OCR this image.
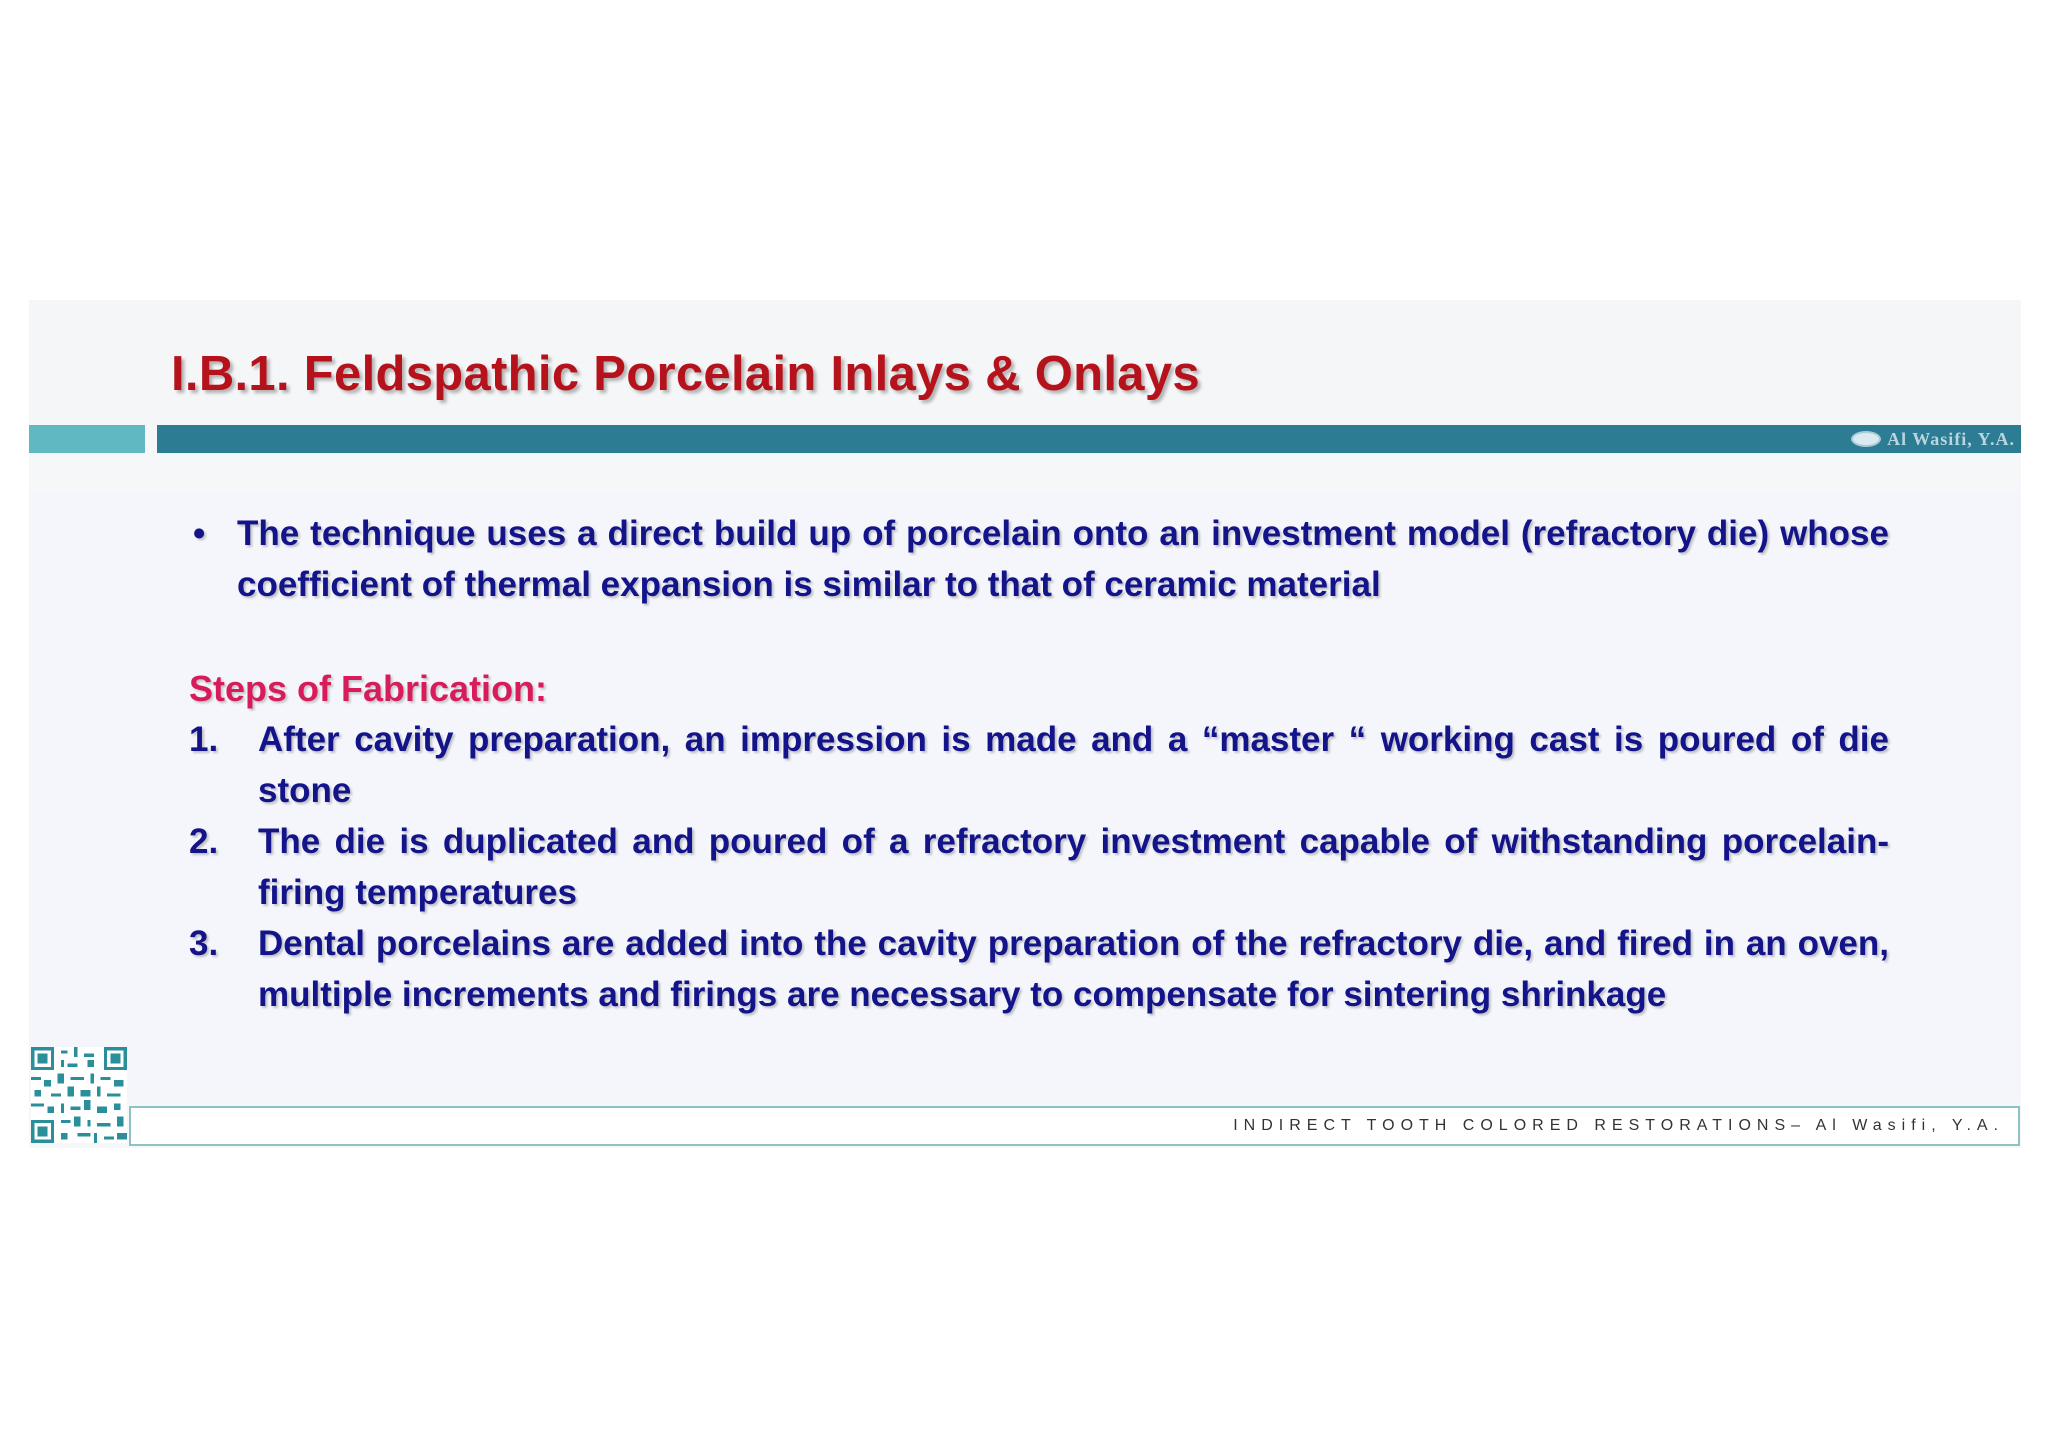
I.B.1. Feldspathic Porcelain Inlays & Onlays
Al Wasifi, Y.A.
• The technique uses a direct build up of porcelain onto an investment model (refractory die) whose coefficient of thermal expansion is similar to that of ceramic material
Steps of Fabrication:
1. After cavity preparation, an impression is made and a “master “ working cast is poured of die stone
2. The die is duplicated and poured of a refractory investment capable of withstanding porcelain-firing temperatures
3. Dental porcelains are added into the cavity preparation of the refractory die, and fired in an oven, multiple increments and firings are necessary to compensate for sintering shrinkage
INDIRECT TOOTH COLORED RESTORATIONS– Al Wasifi, Y.A.
